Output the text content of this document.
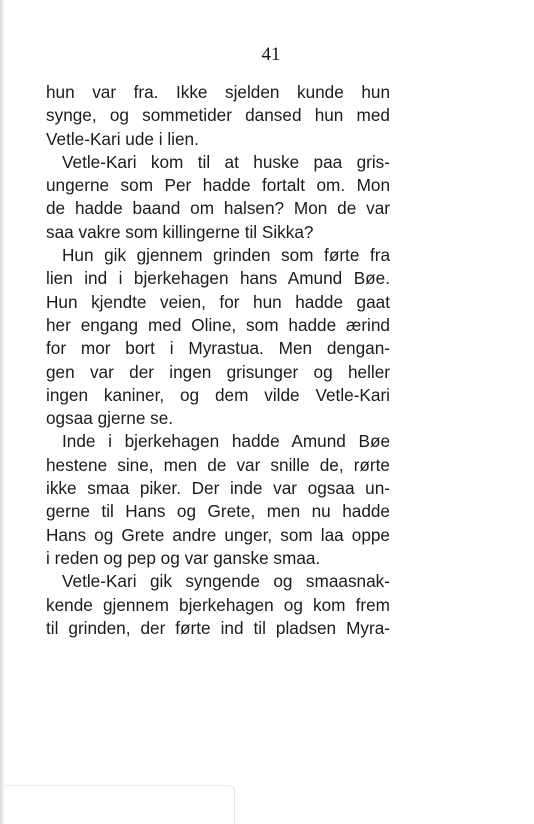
41
hun var fra. Ikke sjelden kunde hun
synge, og sommetider dansed hun med
Vetle-Kari ude i lien.
Vetle-Kari kom til at huske paa gris-
ungerne som Per hadde fortalt om. Mon
de hadde baand om halsen? Mon de var
saa vakre som killingerne til Sikka?
Hun gik gjennem grinden som førte fra
lien ind i bjerkehagen hans Amund Bøe.
Hun kjendte veien, for hun hadde gaat
her engang med Oline, som hadde ærind
for mor bort i Myrastua. Men dengan-
gen var der ingen grisunger og heller
ingen kaniner, og dem vilde Vetle-Kari
ogsaa gjerne se.
Inde i bjerkehagen hadde Amund Bøe
hestene sine, men de var snille de, rørte
ikke smaa piker. Der inde var ogsaa un-
gerne til Hans og Grete, men nu hadde
Hans og Grete andre unger, som laa oppe
i reden og pep og var ganske smaa.
Vetle-Kari gik syngende og smaasnak-
kende gjennem bjerkehagen og kom frem
til grinden, der førte ind til pladsen Myra-
